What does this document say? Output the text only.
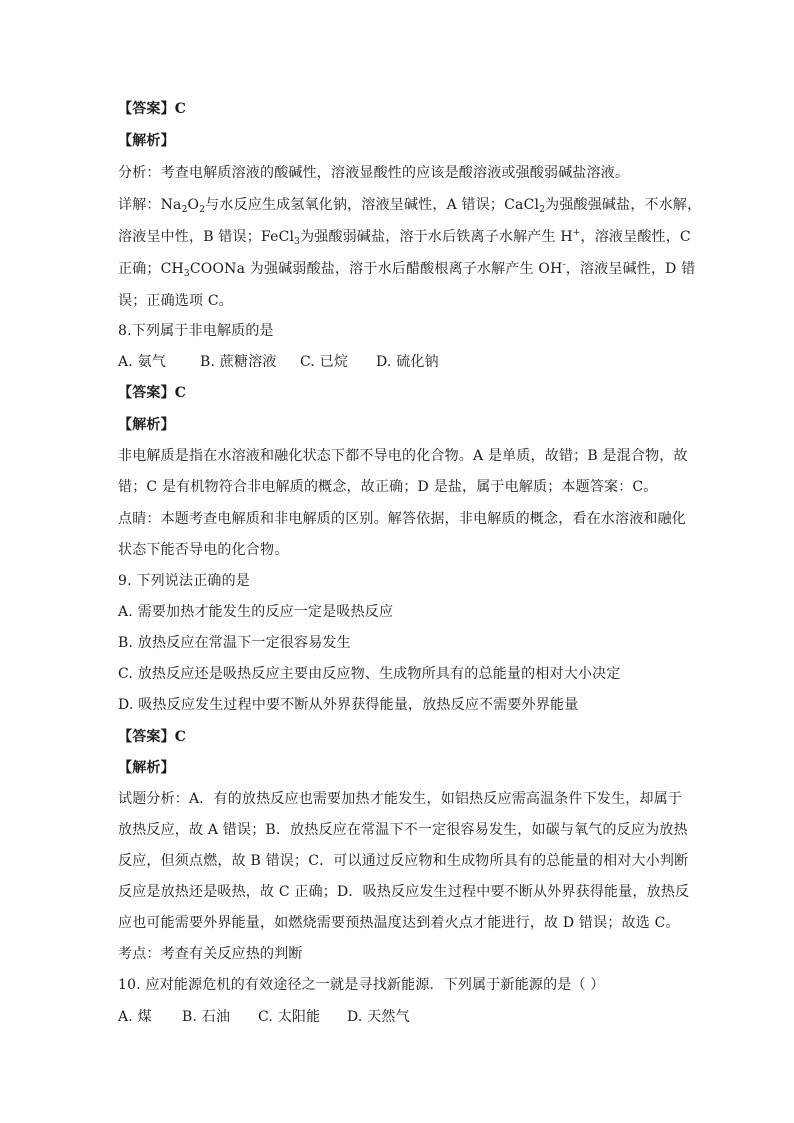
【答案】C
【解析】
分析：考查电解质溶液的酸碱性，溶液显酸性的应该是酸溶液或强酸弱碱盐溶液。
详解：$Na_2O_2$与水反应生成氢氧化钠，溶液呈碱性，A 错误；CaCl$_2$为强酸强碱盐，不水解，
溶液呈中性，B 错误；FeCl$_3$为强酸弱碱盐，溶于水后铁离子水解产生 H+，溶液呈酸性，C
正确；$CH_3COONa$ 为强碱弱酸盐，溶于水后醋酸根离子水解产生 OH-，溶液呈碱性，D 错
误；正确选项 C。
8.下列属于非电解质的是
A. 氨气 B. 蔗糖溶液 C. 已烷 D. 硫化钠
【答案】C
【解析】
非电解质是指在水溶液和融化状态下都不导电的化合物。A 是单质，故错；B 是混合物，故
错；C 是有机物符合非电解质的概念，故正确；D 是盐，属于电解质；本题答案：C。
点睛：本题考查电解质和非电解质的区别。解答依据，非电解质的概念，看在水溶液和融化
状态下能否导电的化合物。
9. 下列说法正确的是
A. 需要加热才能发生的反应一定是吸热反应
B. 放热反应在常温下一定很容易发生
C. 放热反应还是吸热反应主要由反应物、生成物所具有的总能量的相对大小决定
D. 吸热反应发生过程中要不断从外界获得能量，放热反应不需要外界能量
【答案】C
【解析】
试题分析：A．有的放热反应也需要加热才能发生，如铝热反应需高温条件下发生，却属于
放热反应，故 A 错误；B．放热反应在常温下不一定很容易发生，如碳与氧气的反应为放热
反应，但须点燃，故 B 错误；C．可以通过反应物和生成物所具有的总能量的相对大小判断
反应是放热还是吸热，故 C 正确；D．吸热反应发生过程中要不断从外界获得能量，放热反
应也可能需要外界能量，如燃烧需要预热温度达到着火点才能进行，故 D 错误；故选 C。
考点：考查有关反应热的判断
10. 应对能源危机的有效途径之一就是寻找新能源．下列属于新能源的是（ ）
A. 煤 B. 石油 C. 太阳能 D. 天然气
